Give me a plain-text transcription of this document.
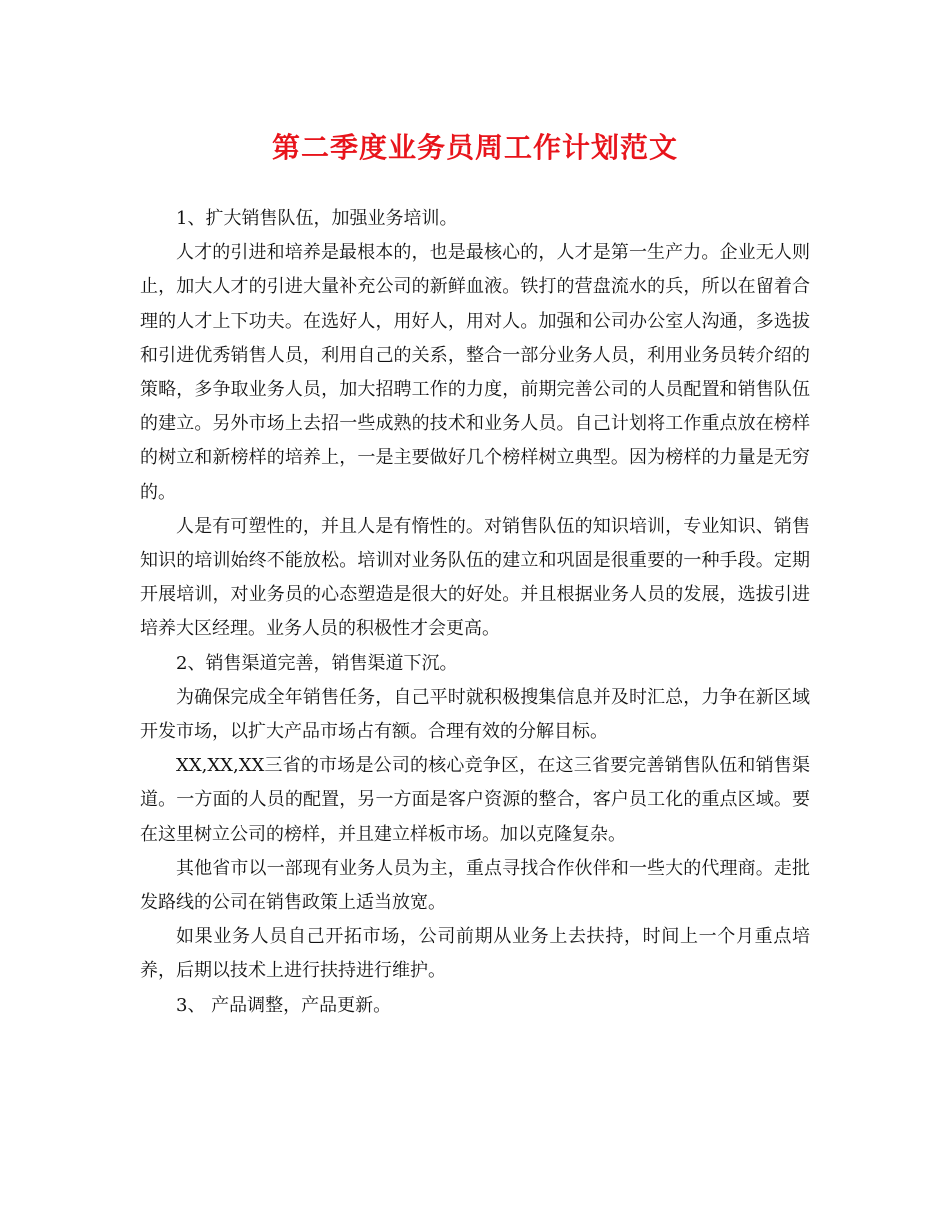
第二季度业务员周工作计划范文

1、扩大销售队伍，加强业务培训。

人才的引进和培养是最根本的，也是最核心的，人才是第一生产力。企业无人则止，加大人才的引进大量补充公司的新鲜血液。铁打的营盘流水的兵，所以在留着合理的人才上下功夫。在选好人，用好人，用对人。加强和公司办公室人沟通，多选拔和引进优秀销售人员，利用自己的关系，整合一部分业务人员，利用业务员转介绍的策略，多争取业务人员，加大招聘工作的力度，前期完善公司的人员配置和销售队伍的建立。另外市场上去招一些成熟的技术和业务人员。自己计划将工作重点放在榜样的树立和新榜样的培养上，一是主要做好几个榜样树立典型。因为榜样的力量是无穷的。

人是有可塑性的，并且人是有惰性的。对销售队伍的知识培训，专业知识、销售知识的培训始终不能放松。培训对业务队伍的建立和巩固是很重要的一种手段。定期开展培训，对业务员的心态塑造是很大的好处。并且根据业务人员的发展，选拔引进培养大区经理。业务人员的积极性才会更高。

2、销售渠道完善，销售渠道下沉。

为确保完成全年销售任务，自己平时就积极搜集信息并及时汇总，力争在新区域开发市场，以扩大产品市场占有额。合理有效的分解目标。

XX,XX,XX三省的市场是公司的核心竞争区，在这三省要完善销售队伍和销售渠道。一方面的人员的配置，另一方面是客户资源的整合，客户员工化的重点区域。要在这里树立公司的榜样，并且建立样板市场。加以克隆复杂。

其他省市以一部现有业务人员为主，重点寻找合作伙伴和一些大的代理商。走批发路线的公司在销售政策上适当放宽。

如果业务人员自己开拓市场，公司前期从业务上去扶持，时间上一个月重点培养，后期以技术上进行扶持进行维护。

3、 产品调整，产品更新。
